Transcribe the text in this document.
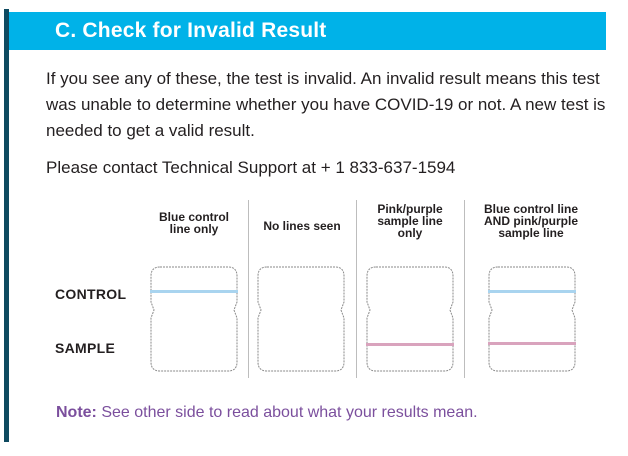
C. Check for Invalid Result
If you see any of these, the test is invalid. An invalid result means this test was unable to determine whether you have COVID-19 or not. A new test is needed to get a valid result.
Please contact Technical Support at + 1 833-637-1594
Blue control
line only	No lines seen
Pink/purple
sample line
only
Blue control line
AND pink/purple
sample line
CONTROL
SAMPLE
Note: See other side to read about what your results mean.
